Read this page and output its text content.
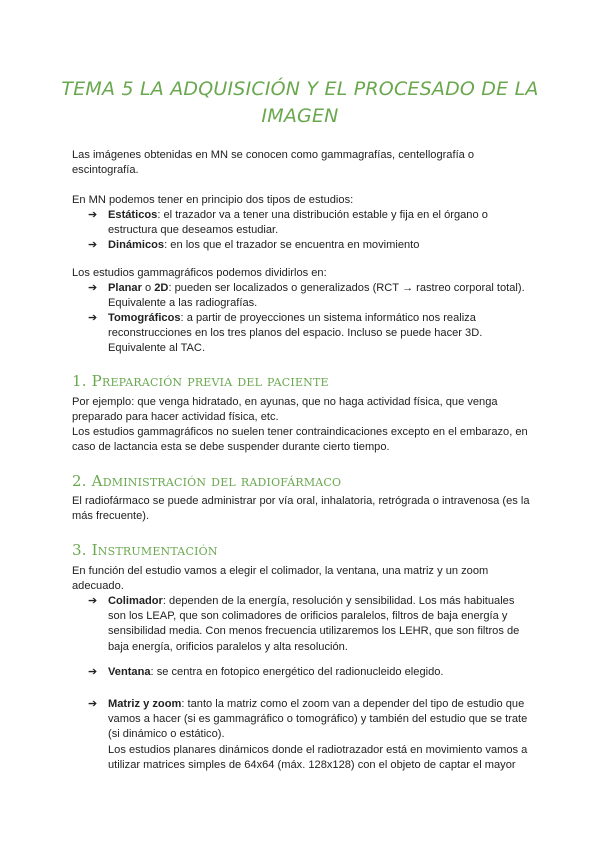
TEMA 5 LA ADQUISICIÓN Y EL PROCESADO DE LA IMAGEN

Las imágenes obtenidas en MN se conocen como gammagrafías, centellografía o escintografía.

En MN podemos tener en principio dos tipos de estudios:

➔ Estáticos: el trazador va a tener una distribución estable y fija en el órgano o estructura que deseamos estudiar.
➔ Dinámicos: en los que el trazador se encuentra en movimiento

Los estudios gammagráficos podemos dividirlos en:

➔ Planar o 2D: pueden ser localizados o generalizados (RCT → rastreo corporal total). Equivalente a las radiografías.
➔ Tomográficos: a partir de proyecciones un sistema informático nos realiza reconstrucciones en los tres planos del espacio. Incluso se puede hacer 3D. Equivalente al TAC.
1. Preparación previa del paciente

Por ejemplo: que venga hidratado, en ayunas, que no haga actividad física, que venga preparado para hacer actividad física, etc.

Los estudios gammagráficos no suelen tener contraindicaciones excepto en el embarazo, en caso de lactancia esta se debe suspender durante cierto tiempo.

2. Administración del radiofármaco

El radiofármaco se puede administrar por vía oral, inhalatoria, retrógrada o intravenosa (es la más frecuente).

3. Instrumentación

En función del estudio vamos a elegir el colimador, la ventana, una matriz y un zoom adecuado.

➔ Colimador: dependen de la energía, resolución y sensibilidad. Los más habituales son los LEAP, que son colimadores de orificios paralelos, filtros de baja energía y sensibilidad media. Con menos frecuencia utilizaremos los LEHR, que son filtros de baja energía, orificios paralelos y alta resolución.
➔ Ventana: se centra en fotopico energético del radionucleido elegido.
➔ Matriz y zoom: tanto la matriz como el zoom van a depender del tipo de estudio que vamos a hacer (si es gammagráfico o tomográfico) y también del estudio que se trate (si dinámico o estático).
Los estudios planares dinámicos donde el radiotrazador está en movimiento vamos a utilizar matrices simples de 64x64 (máx. 128x128) con el objeto de captar el mayor
